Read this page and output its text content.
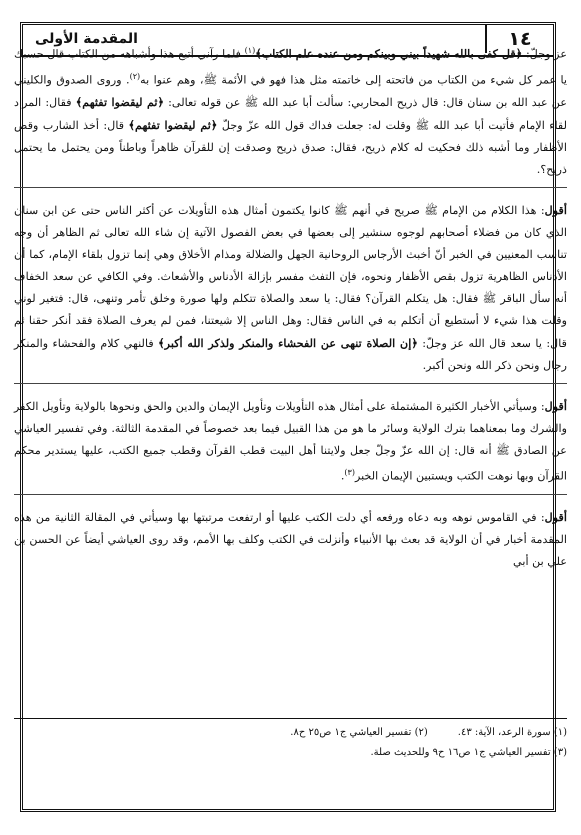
١٤
المقدمة الأولى

عز وجلّ: ﴿قل كفى بالله شهيداً بيني وبينكم ومن عنده علم الكتاب﴾$^{(١)}$ فلما رآني أتبع هذا وأشباهه من الكتاب قال حسبك يا عمر كل شيء من الكتاب من فاتحته إلى خاتمته مثل هذا فهو في الأئمة ﷺ، وهم عنوا به$^{(٢)}$. وروى الصدوق والكليني عن عبد الله بن سنان قال: قال ذريح المحاربي: سألت أبا عبد الله ﷺ عن قوله تعالى: ﴿ثم ليقضوا تفثهم﴾ فقال: المراد لقاء الإمام فأتيت أبا عبد الله ﷺ وقلت له: جعلت فداك قول الله عزّ وجلّ ﴿ثم ليقضوا تفثهم﴾ قال: أخذ الشارب وقص الأظفار وما أشبه ذلك فحكيت له كلام ذريح، فقال: صدق ذريح وصدقت إن للقرآن ظاهراً وباطناً ومن يحتمل ما يحتمل ذريح؟.

أقول: هذا الكلام من الإمام ﷺ صريح في أنهم ﷺ كانوا يكتمون أمثال هذه التأويلات عن أكثر الناس حتى عن ابن سنان الذي كان من فضلاء أصحابهم لوجوه سنشير إلى بعضها في بعض الفصول الآتية إن شاء الله تعالى ثم الظاهر أن وجه تناسب المعنيين في الخبر أنّ أخبث الأرجاس الروحانية الجهل والضلالة ومذام الأخلاق وهي إنما تزول بلقاء الإمام، كما أن الأدناس الظاهرية تزول بقص الأظفار ونحوه، فإن التفث مفسر بإزالة الأدناس والأشعاث. وفي الكافي عن سعد الخفاف أنه سأل الباقر ﷺ فقال: هل يتكلم القرآن؟ فقال: يا سعد والصلاة تتكلم ولها صورة وخلق تأمر وتنهى، قال: فتغير لوني وقلت هذا شيء لا أستطيع أن أتكلم به في الناس فقال: وهل الناس إلا شيعتنا، فمن لم يعرف الصلاة فقد أنكر حقنا ثم قال: يا سعد قال الله عز وجلّ: ﴿إن الصلاة تنهى عن الفحشاء والمنكر ولذكر الله أكبر﴾ فالنهي كلام والفحشاء والمنكر رجال ونحن ذكر الله ونحن أكبر.

أقول: وسيأتي الأخبار الكثيرة المشتملة على أمثال هذه التأويلات وتأويل الإيمان والدين والحق ونحوها بالولاية وتأويل الكفر والشرك وما بمعناهما بترك الولاية وسائر ما هو من هذا القبيل فيما بعد خصوصاً في المقدمة الثالثة. وفي تفسير العياشي عن الصادق ﷺ أنه قال: إن الله عزّ وجلّ جعل ولايتنا أهل البيت قطب القرآن وقطب جميع الكتب، عليها يستدير محكم القرآن وبها نوهت الكتب ويستبين الإيمان الخبر$^{(٣)}$.

أقول: في القاموس نوهه وبه دعاه ورفعه أي دلت الكتب عليها أو ارتفعت مرتبتها بها وسيأتي في المقالة الثانية من هذه المقدمة أخبار في أن الولاية قد بعث بها الأنبياء وأنزلت في الكتب وكلف بها الأمم، وقد روى العياشي أيضاً عن الحسن بن علي بن أبي

(١) سورة الرعد، الآية: ٤٣.
(٢) تفسير العياشي ج١ ص٢٥ ح٨.
(٣) تفسير العياشي ج١ ص١٦ ح٩ وللحديث صلة.
